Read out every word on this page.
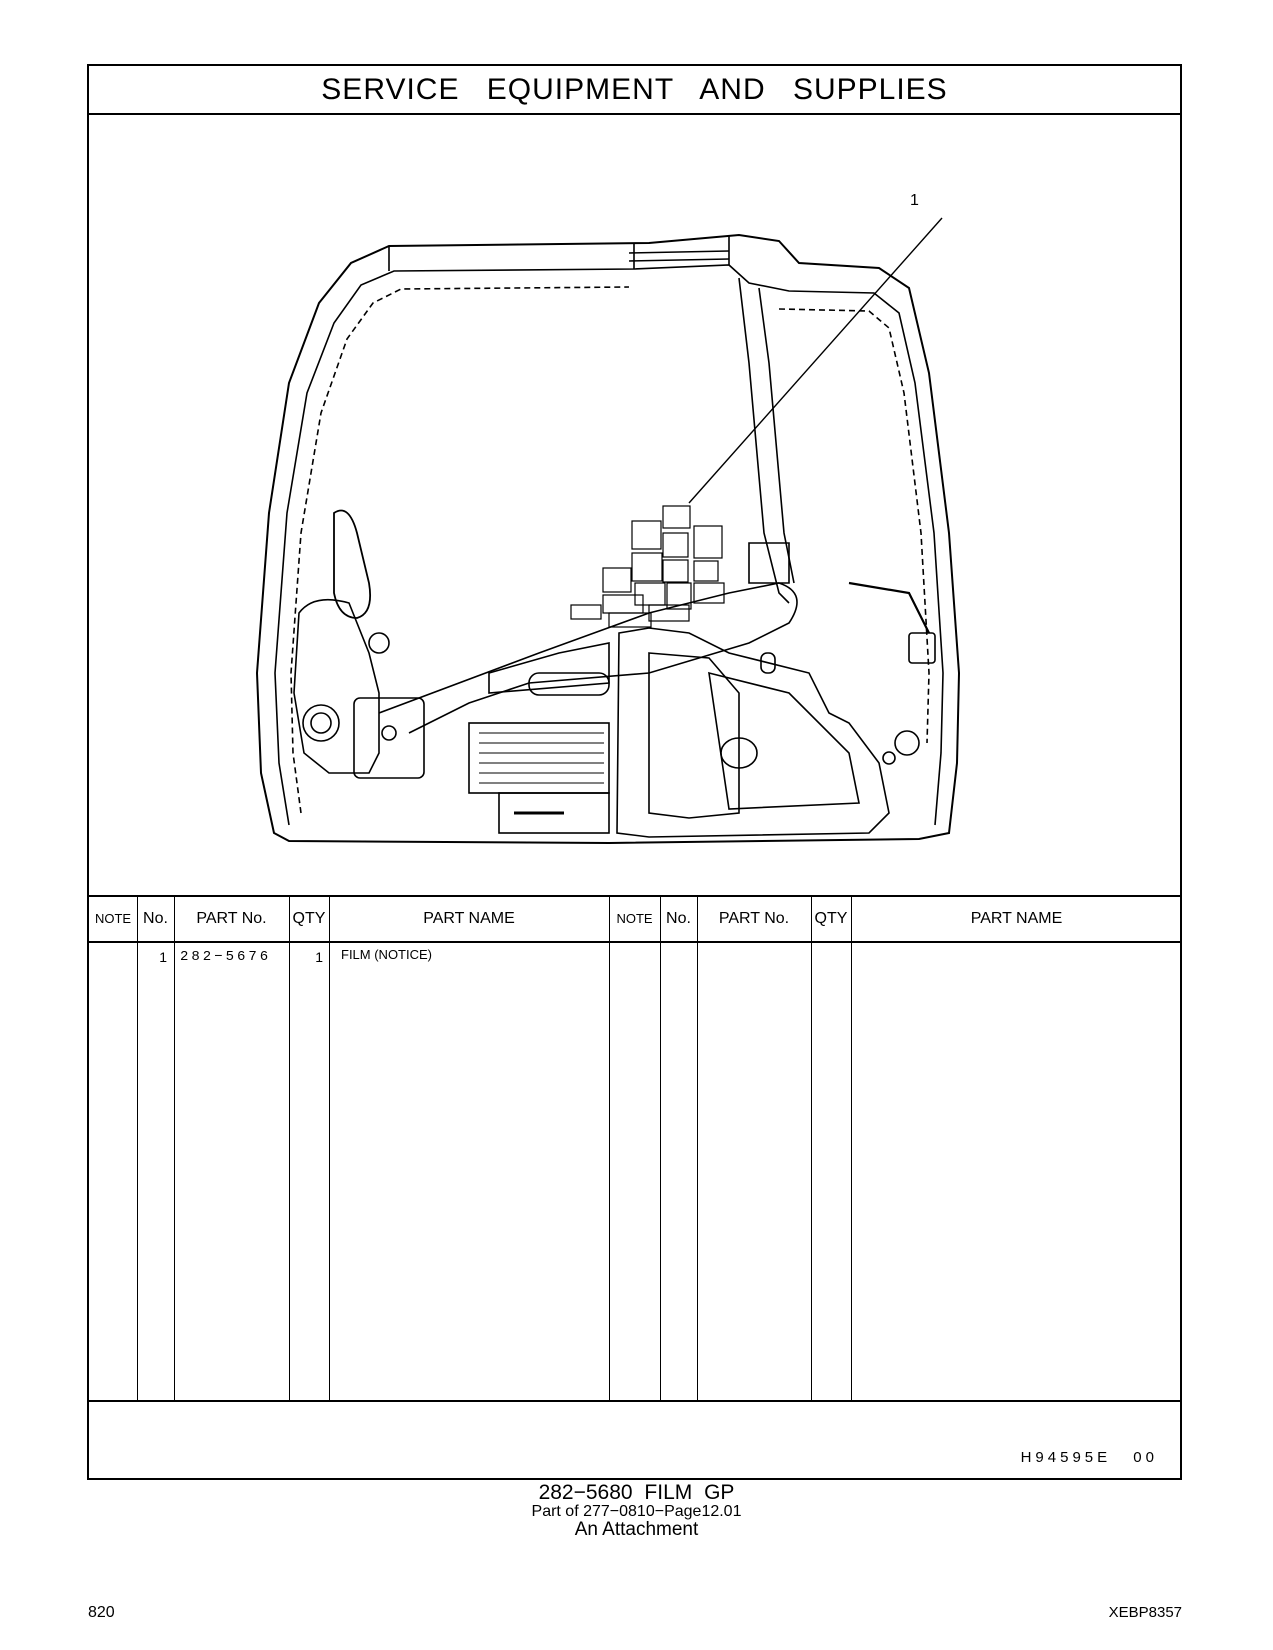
SERVICE EQUIPMENT AND SUPPLIES
1
NOTE No.	PART No.	QTY	PART NAME	NOTE No.	PART No.	QTY	PART NAME
1 282−5676	1 FILM (NOTICE)
H94595E 00
282−5680 FILM GP
Part of 277−0810−Page12.01
An Attachment
820	XEBP8357
